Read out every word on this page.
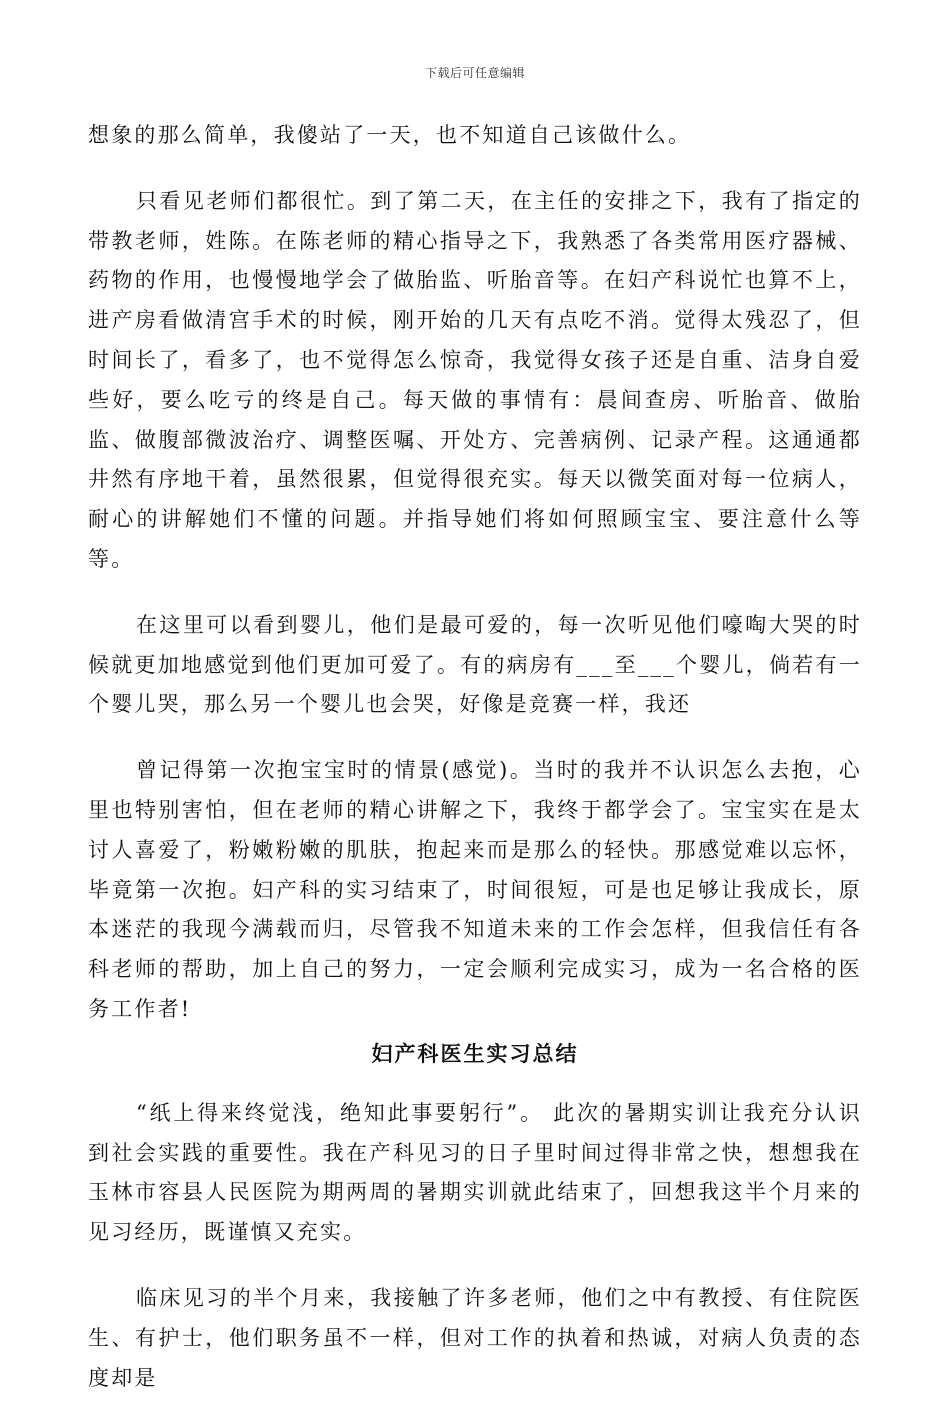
下载后可任意编辑

想象的那么简单，我傻站了一天，也不知道自己该做什么。

只看见老师们都很忙。到了第二天，在主任的安排之下，我有了指定的带教老师，姓陈。在陈老师的精心指导之下，我熟悉了各类常用医疗器械、药物的作用，也慢慢地学会了做胎监、听胎音等。在妇产科说忙也算不上，进产房看做清宫手术的时候，刚开始的几天有点吃不消。觉得太残忍了，但时间长了，看多了，也不觉得怎么惊奇，我觉得女孩子还是自重、洁身自爱些好，要么吃亏的终是自己。每天做的事情有：晨间查房、听胎音、做胎监、做腹部微波治疗、调整医嘱、开处方、完善病例、记录产程。这通通都井然有序地干着，虽然很累，但觉得很充实。每天以微笑面对每一位病人，耐心的讲解她们不懂的问题。并指导她们将如何照顾宝宝、要注意什么等等。

在这里可以看到婴儿，他们是最可爱的，每一次听见他们嚎啕大哭的时候就更加地感觉到他们更加可爱了。有的病房有___至___个婴儿，倘若有一个婴儿哭，那么另一个婴儿也会哭，好像是竞赛一样，我还

曾记得第一次抱宝宝时的情景(感觉)。当时的我并不认识怎么去抱，心里也特别害怕，但在老师的精心讲解之下，我终于都学会了。宝宝实在是太讨人喜爱了，粉嫩粉嫩的肌肤，抱起来而是那么的轻快。那感觉难以忘怀，毕竟第一次抱。妇产科的实习结束了，时间很短，可是也足够让我成长，原本迷茫的我现今满载而归，尽管我不知道未来的工作会怎样，但我信任有各科老师的帮助，加上自己的努力，一定会顺利完成实习，成为一名合格的医务工作者!

妇产科医生实习总结

“纸上得来终觉浅，绝知此事要躬行”。 此次的暑期实训让我充分认识到社会实践的重要性。我在产科见习的日子里时间过得非常之快，想想我在玉林市容县人民医院为期两周的暑期实训就此结束了，回想我这半个月来的见习经历，既谨慎又充实。

临床见习的半个月来，我接触了许多老师，他们之中有教授、有住院医生、有护士，他们职务虽不一样，但对工作的执着和热诚，对病人负责的态度却是
